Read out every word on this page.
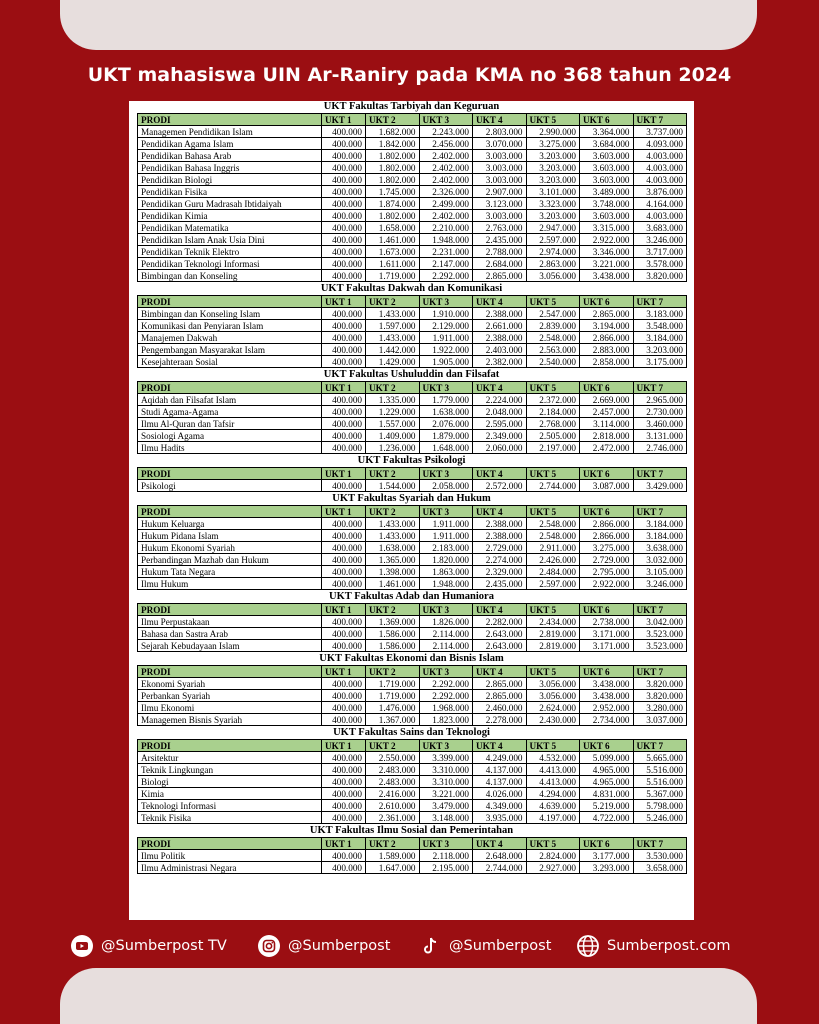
UKT mahasiswa UIN Ar-Raniry pada KMA no 368 tahun 2024
UKT Fakultas Tarbiyah dan Keguruan
PRODI	UKT 1	UKT 2	UKT 3	UKT 4	UKT 5	UKT 6	UKT 7
Managemen Pendidikan Islam	400.000	1.682.000	2.243.000	2.803.000	2.990.000	3.364.000	3.737.000
Pendidikan Agama Islam	400.000	1.842.000	2.456.000	3.070.000	3.275.000	3.684.000	4.093.000
Pendidikan Bahasa Arab	400.000	1.802.000	2.402.000	3.003.000	3.203.000	3.603.000	4.003.000
Pendidikan Bahasa Inggris	400.000	1.802.000	2.402.000	3.003.000	3.203.000	3.603.000	4.003.000
Pendidikan Biologi	400.000	1.802.000	2.402.000	3.003.000	3.203.000	3.603.000	4.003.000
Pendidikan Fisika	400.000	1.745.000	2.326.000	2.907.000	3.101.000	3.489.000	3.876.000
Pendidikan Guru Madrasah Ibtidaiyah	400.000	1.874.000	2.499.000	3.123.000	3.323.000	3.748.000	4.164.000
Pendidikan Kimia	400.000	1.802.000	2.402.000	3.003.000	3.203.000	3.603.000	4.003.000
Pendidikan Matematika	400.000	1.658.000	2.210.000	2.763.000	2.947.000	3.315.000	3.683.000
Pendidikan Islam Anak Usia Dini	400.000	1.461.000	1.948.000	2.435.000	2.597.000	2.922.000	3.246.000
Pendidikan Teknik Elektro	400.000	1.673.000	2.231.000	2.788.000	2.974.000	3.346.000	3.717.000
Pendidikan Teknologi Informasi	400.000	1.611.000	2.147.000	2.684.000	2.863.000	3.221.000	3.578.000
Bimbingan dan Konseling	400.000	1.719.000	2.292.000	2.865.000	3.056.000	3.438.000	3.820.000
UKT Fakultas Dakwah dan Komunikasi
PRODI	UKT 1	UKT 2	UKT 3	UKT 4	UKT 5	UKT 6	UKT 7
Bimbingan dan Konseling Islam	400.000	1.433.000	1.910.000	2.388.000	2.547.000	2.865.000	3.183.000
Komunikasi dan Penyiaran Islam	400.000	1.597.000	2.129.000	2.661.000	2.839.000	3.194.000	3.548.000
Manajemen Dakwah	400.000	1.433.000	1.911.000	2.388.000	2.548.000	2.866.000	3.184.000
Pengembangan Masyarakat Islam	400.000	1.442.000	1.922.000	2.403.000	2.563.000	2.883.000	3.203.000
Kesejahteraan Sosial	400.000	1.429.000	1.905.000	2.382.000	2.540.000	2.858.000	3.175.000
UKT Fakultas Ushuluddin dan Filsafat
PRODI	UKT 1	UKT 2	UKT 3	UKT 4	UKT 5	UKT 6	UKT 7
Aqidah dan Filsafat Islam	400.000	1.335.000	1.779.000	2.224.000	2.372.000	2.669.000	2.965.000
Studi Agama-Agama	400.000	1.229.000	1.638.000	2.048.000	2.184.000	2.457.000	2.730.000
Ilmu Al-Quran dan Tafsir	400.000	1.557.000	2.076.000	2.595.000	2.768.000	3.114.000	3.460.000
Sosiologi Agama	400.000	1.409.000	1.879.000	2.349.000	2.505.000	2.818.000	3.131.000
Ilmu Hadits	400.000	1.236.000	1.648.000	2.060.000	2.197.000	2.472.000	2.746.000
UKT Fakultas Psikologi
PRODI	UKT 1	UKT 2	UKT 3	UKT 4	UKT 5	UKT 6	UKT 7
Psikologi	400.000	1.544.000	2.058.000	2.572.000	2.744.000	3.087.000	3.429.000
UKT Fakultas Syariah dan Hukum
PRODI	UKT 1	UKT 2	UKT 3	UKT 4	UKT 5	UKT 6	UKT 7
Hukum Keluarga	400.000	1.433.000	1.911.000	2.388.000	2.548.000	2.866.000	3.184.000
Hukum Pidana Islam	400.000	1.433.000	1.911.000	2.388.000	2.548.000	2.866.000	3.184.000
Hukum Ekonomi Syariah	400.000	1.638.000	2.183.000	2.729.000	2.911.000	3.275.000	3.638.000
Perbandingan Mazhab dan Hukum	400.000	1.365.000	1.820.000	2.274.000	2.426.000	2.729.000	3.032.000
Hukum Tata Negara	400.000	1.398.000	1.863.000	2.329.000	2.484.000	2.795.000	3.105.000
Ilmu Hukum	400.000	1.461.000	1.948.000	2.435.000	2.597.000	2.922.000	3.246.000
UKT Fakultas Adab dan Humaniora
PRODI	UKT 1	UKT 2	UKT 3	UKT 4	UKT 5	UKT 6	UKT 7
Ilmu Perpustakaan	400.000	1.369.000	1.826.000	2.282.000	2.434.000	2.738.000	3.042.000
Bahasa dan Sastra Arab	400.000	1.586.000	2.114.000	2.643.000	2.819.000	3.171.000	3.523.000
Sejarah Kebudayaan Islam	400.000	1.586.000	2.114.000	2.643.000	2.819.000	3.171.000	3.523.000
UKT Fakultas Ekonomi dan Bisnis Islam
PRODI	UKT 1	UKT 2	UKT 3	UKT 4	UKT 5	UKT 6	UKT 7
Ekonomi Syariah	400.000	1.719.000	2.292.000	2.865.000	3.056.000	3.438.000	3.820.000
Perbankan Syariah	400.000	1.719.000	2.292.000	2.865.000	3.056.000	3.438.000	3.820.000
Ilmu Ekonomi	400.000	1.476.000	1.968.000	2.460.000	2.624.000	2.952.000	3.280.000
Managemen Bisnis Syariah	400.000	1.367.000	1.823.000	2.278.000	2.430.000	2.734.000	3.037.000
UKT Fakultas Sains dan Teknologi
PRODI	UKT 1	UKT 2	UKT 3	UKT 4	UKT 5	UKT 6	UKT 7
Arsitektur	400.000	2.550.000	3.399.000	4.249.000	4.532.000	5.099.000	5.665.000
Teknik Lingkungan	400.000	2.483.000	3.310.000	4.137.000	4.413.000	4.965.000	5.516.000
Biologi	400.000	2.483.000	3.310.000	4.137.000	4.413.000	4.965.000	5.516.000
Kimia	400.000	2.416.000	3.221.000	4.026.000	4.294.000	4.831.000	5.367.000
Teknologi Informasi	400.000	2.610.000	3.479.000	4.349.000	4.639.000	5.219.000	5.798.000
Teknik Fisika	400.000	2.361.000	3.148.000	3.935.000	4.197.000	4.722.000	5.246.000
UKT Fakultas Ilmu Sosial dan Pemerintahan
PRODI	UKT 1	UKT 2	UKT 3	UKT 4	UKT 5	UKT 6	UKT 7
Ilmu Politik	400.000	1.589.000	2.118.000	2.648.000	2.824.000	3.177.000	3.530.000
Ilmu Administrasi Negara	400.000	1.647.000	2.195.000	2.744.000	2.927.000	3.293.000	3.658.000
@Sumberpost TV	@Sumberpost	@Sumberpost	Sumberpost.com
